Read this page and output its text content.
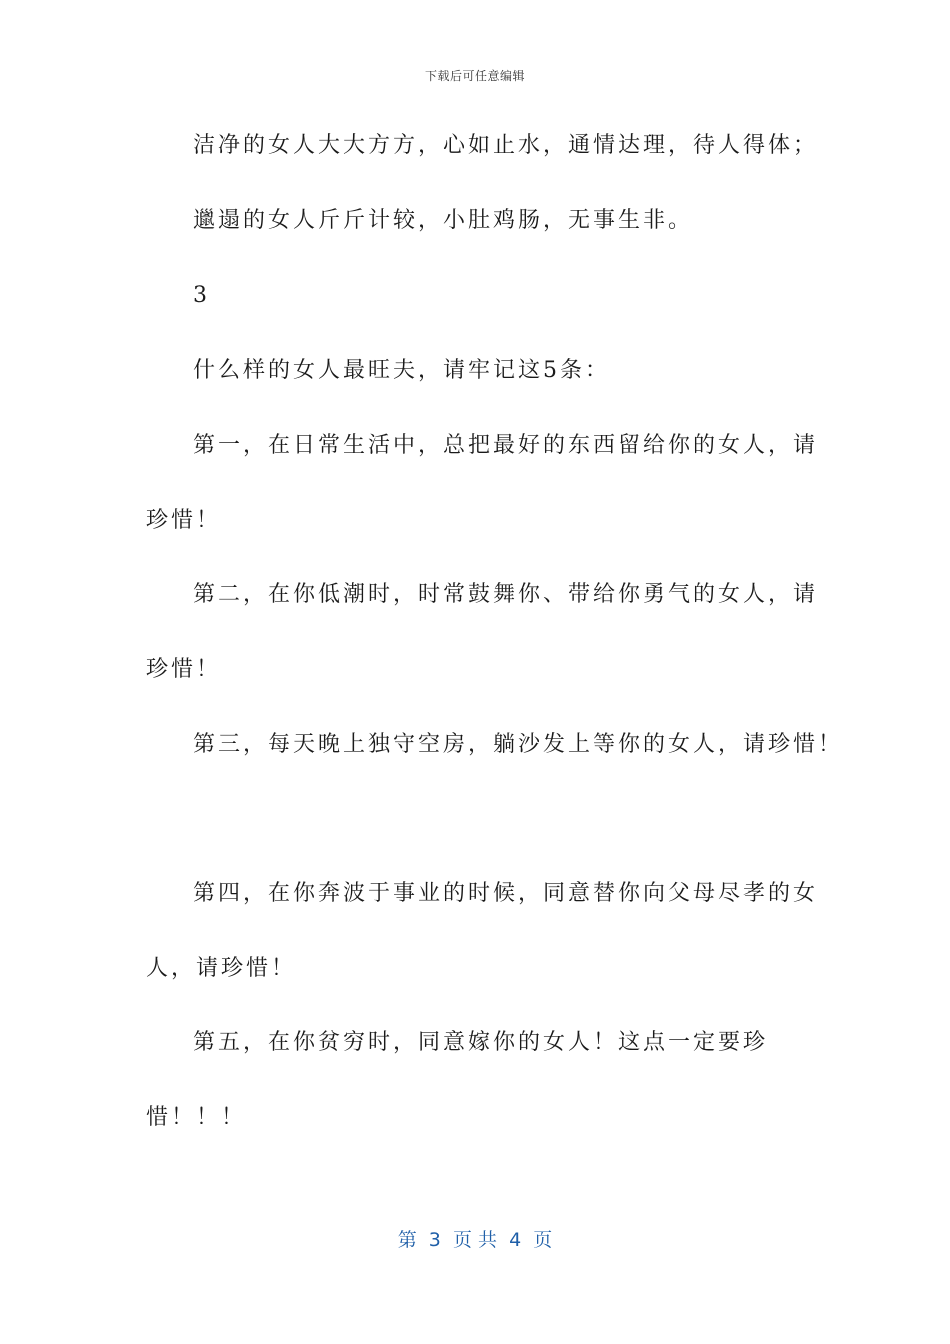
下载后可任意编辑
洁净的女人大大方方，心如止水，通情达理，待人得体；
邋遢的女人斤斤计较，小肚鸡肠，无事生非。
3
什么样的女人最旺夫，请牢记这5条：
第一，在日常生活中，总把最好的东西留给你的女人，请
珍惜！
第二，在你低潮时，时常鼓舞你、带给你勇气的女人，请
珍惜！
第三，每天晚上独守空房，躺沙发上等你的女人，请珍惜！
第四，在你奔波于事业的时候，同意替你向父母尽孝的女
人，请珍惜！
第五，在你贫穷时，同意嫁你的女人！这点一定要珍
惜！！！
第  3  页 共  4  页
